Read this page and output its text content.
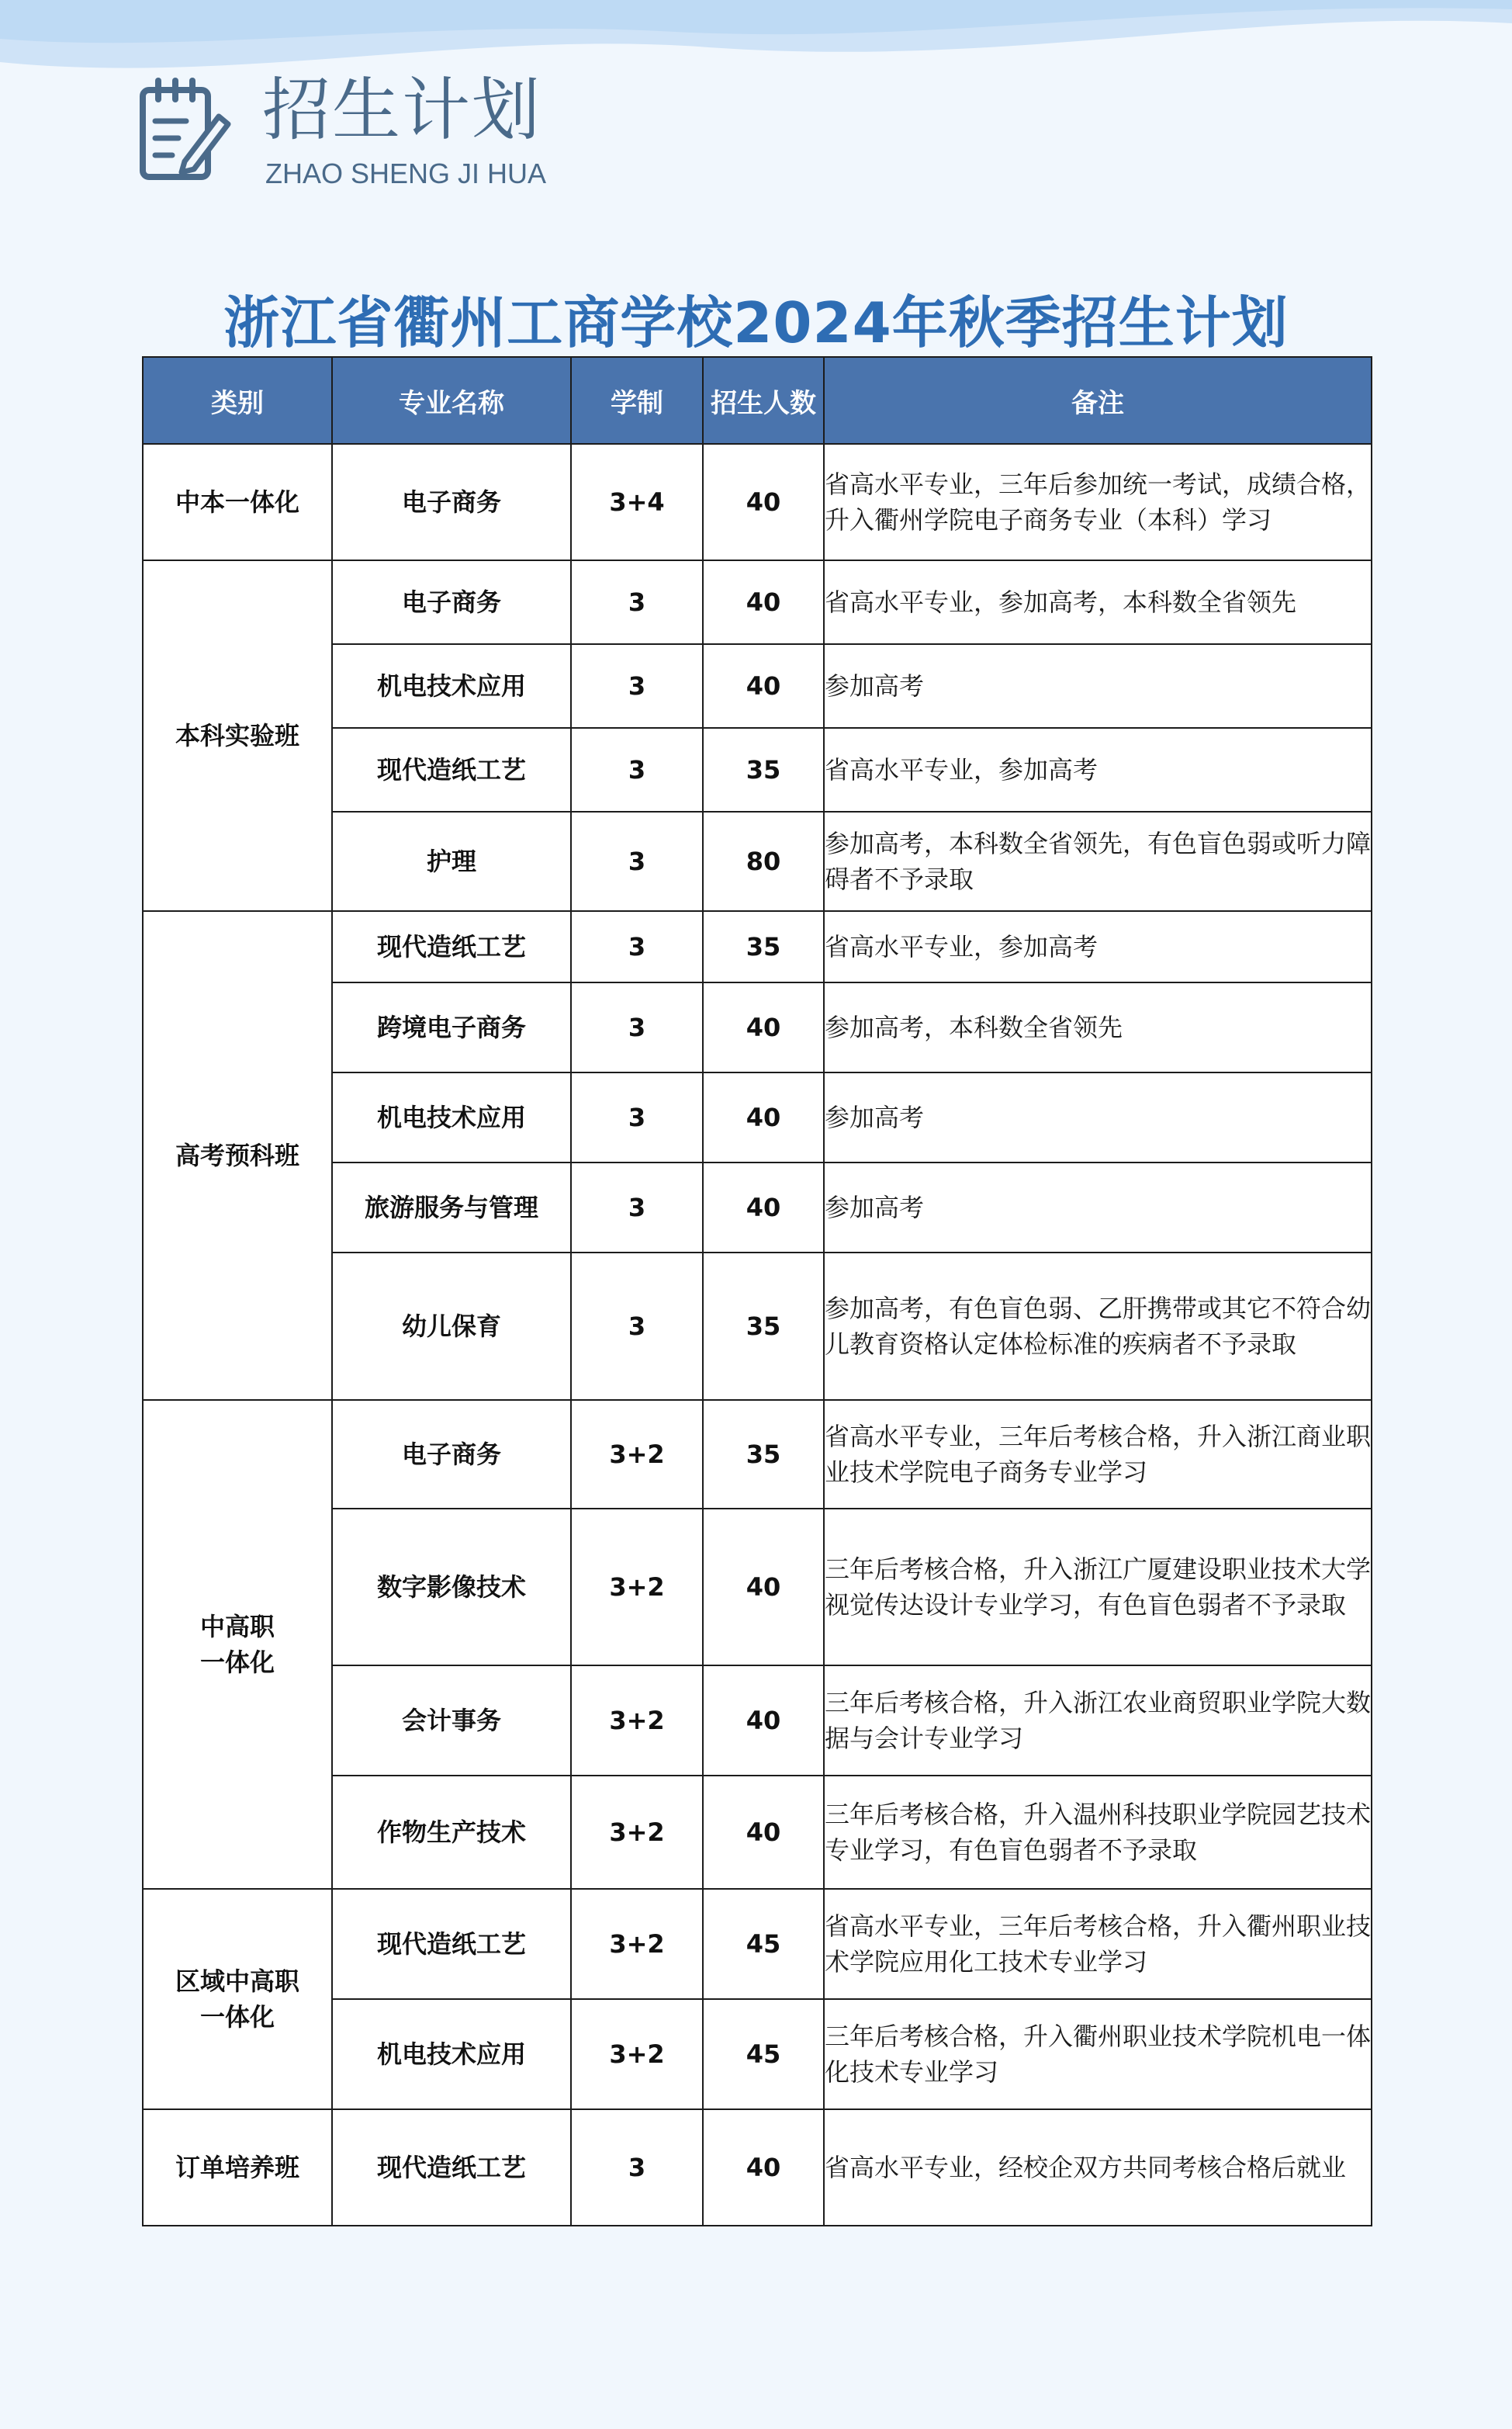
招生计划
ZHAO SHENG JI HUA
浙江省衢州工商学校2024年秋季招生计划
类别	专业名称	学制	招生人数	备注
中本一体化	电子商务	3+4	40	省高水平专业，三年后参加统一考试，成绩合格，升入衢州学院电子商务专业（本科）学习
本科实验班	电子商务	3	40	省高水平专业，参加高考，本科数全省领先
	机电技术应用	3	40	参加高考
	现代造纸工艺	3	35	省高水平专业，参加高考
	护理	3	80	参加高考，本科数全省领先，有色盲色弱或听力障碍者不予录取
高考预科班	现代造纸工艺	3	35	省高水平专业，参加高考
	跨境电子商务	3	40	参加高考，本科数全省领先
	机电技术应用	3	40	参加高考
	旅游服务与管理	3	40	参加高考
	幼儿保育	3	35	参加高考，有色盲色弱、乙肝携带或其它不符合幼儿教育资格认定体检标准的疾病者不予录取
中高职
一体化	电子商务	3+2	35	省高水平专业，三年后考核合格，升入浙江商业职业技术学院电子商务专业学习
	数字影像技术	3+2	40	三年后考核合格，升入浙江广厦建设职业技术大学视觉传达设计专业学习，有色盲色弱者不予录取
	会计事务	3+2	40	三年后考核合格，升入浙江农业商贸职业学院大数据与会计专业学习
	作物生产技术	3+2	40	三年后考核合格，升入温州科技职业学院园艺技术专业学习，有色盲色弱者不予录取
区域中高职
一体化	现代造纸工艺	3+2	45	省高水平专业，三年后考核合格，升入衢州职业技术学院应用化工技术专业学习
	机电技术应用	3+2	45	三年后考核合格，升入衢州职业技术学院机电一体化技术专业学习
订单培养班	现代造纸工艺	3	40	省高水平专业，经校企双方共同考核合格后就业
